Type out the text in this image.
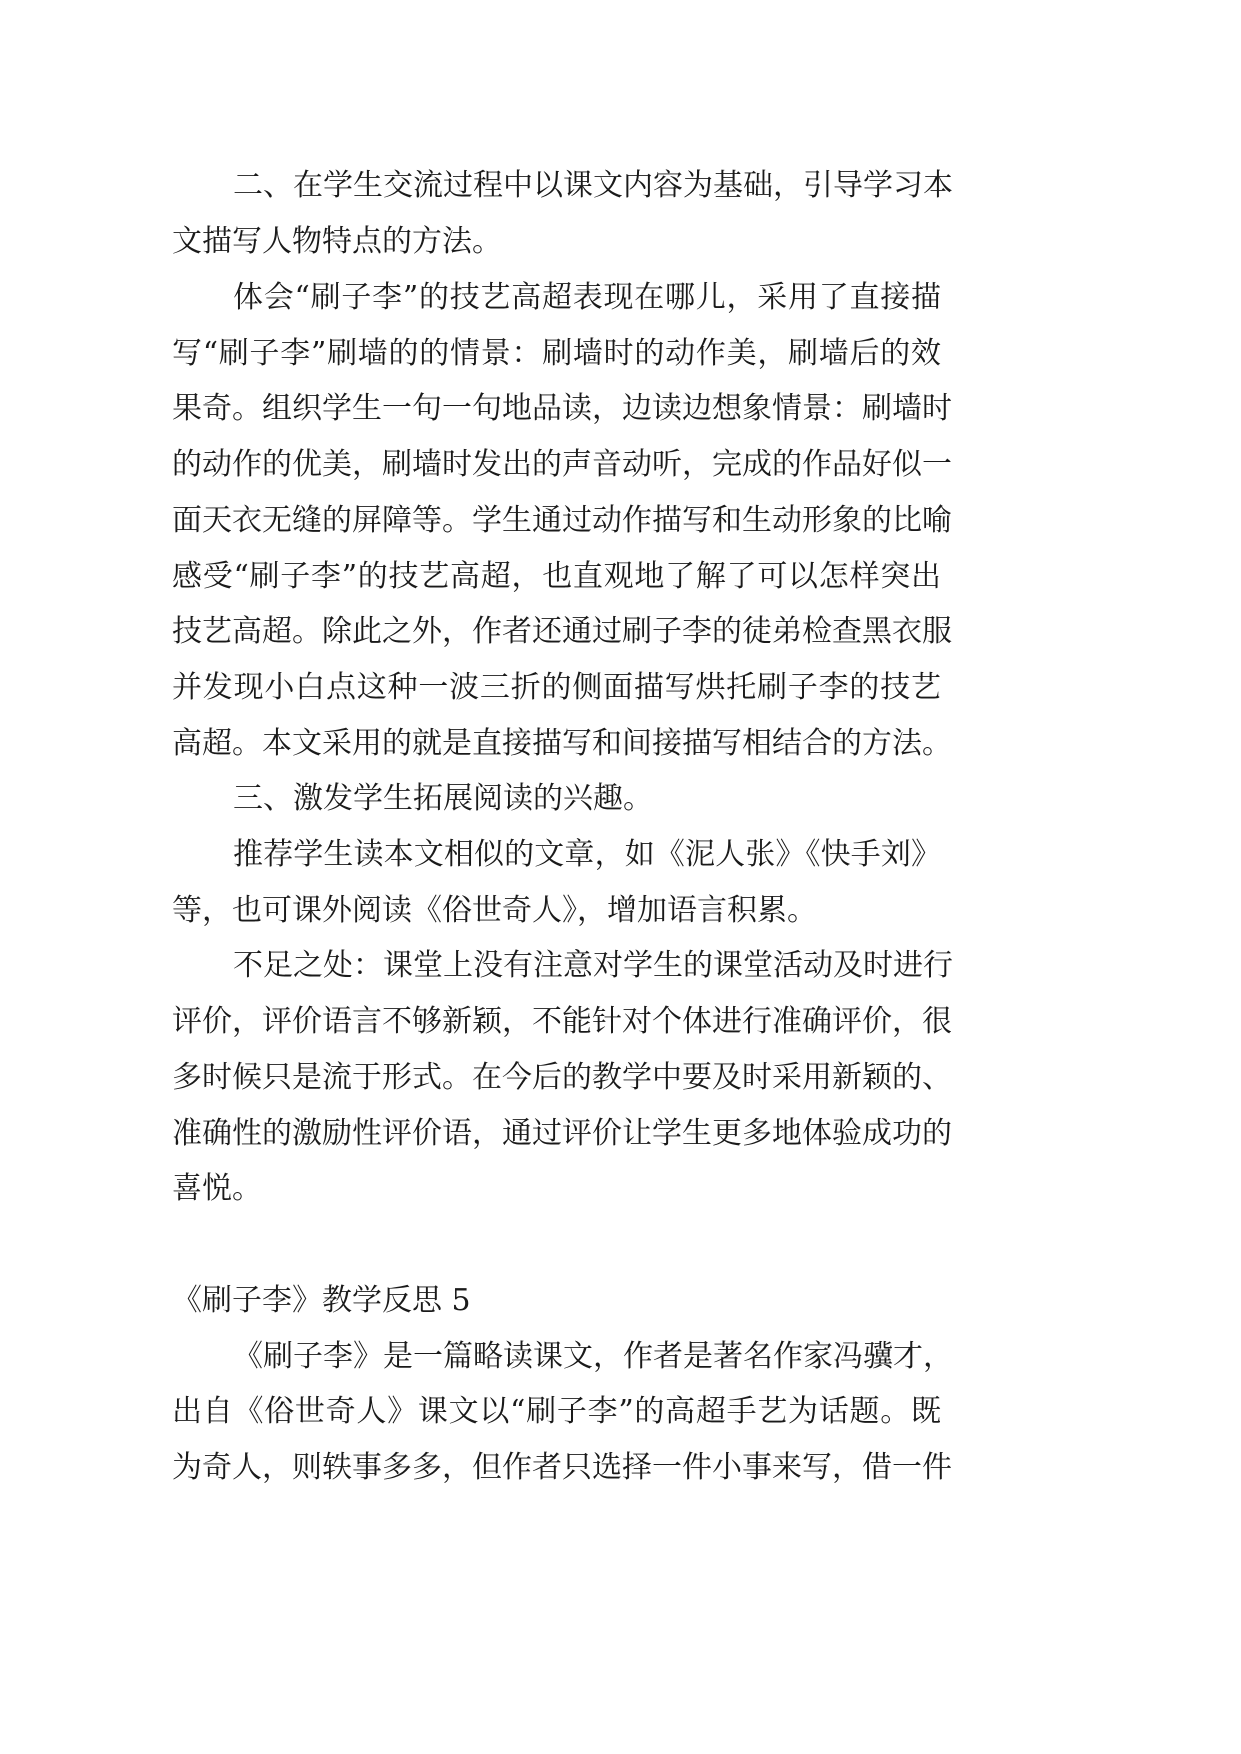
二、在学生交流过程中以课文内容为基础，引导学习本

文描写人物特点的方法。

体会“刷子李”的技艺高超表现在哪儿，采用了直接描

写“刷子李”刷墙的的情景：刷墙时的动作美，刷墙后的效

果奇。组织学生一句一句地品读，边读边想象情景：刷墙时

的动作的优美，刷墙时发出的声音动听，完成的作品好似一

面天衣无缝的屏障等。学生通过动作描写和生动形象的比喻

感受“刷子李”的技艺高超，也直观地了解了可以怎样突出

技艺高超。除此之外，作者还通过刷子李的徒弟检查黑衣服

并发现小白点这种一波三折的侧面描写烘托刷子李的技艺

高超。本文采用的就是直接描写和间接描写相结合的方法。

三、激发学生拓展阅读的兴趣。

推荐学生读本文相似的文章，如《泥人张》《快手刘》

等，也可课外阅读《俗世奇人》，增加语言积累。

不足之处：课堂上没有注意对学生的课堂活动及时进行

评价，评价语言不够新颖，不能针对个体进行准确评价，很

多时候只是流于形式。在今后的教学中要及时采用新颖的、

准确性的激励性评价语，通过评价让学生更多地体验成功的

喜悦。

《刷子李》教学反思 5

《刷子李》是一篇略读课文，作者是著名作家冯骥才，

出自《俗世奇人》课文以“刷子李”的高超手艺为话题。既

为奇人，则轶事多多，但作者只选择一件小事来写，借一件
